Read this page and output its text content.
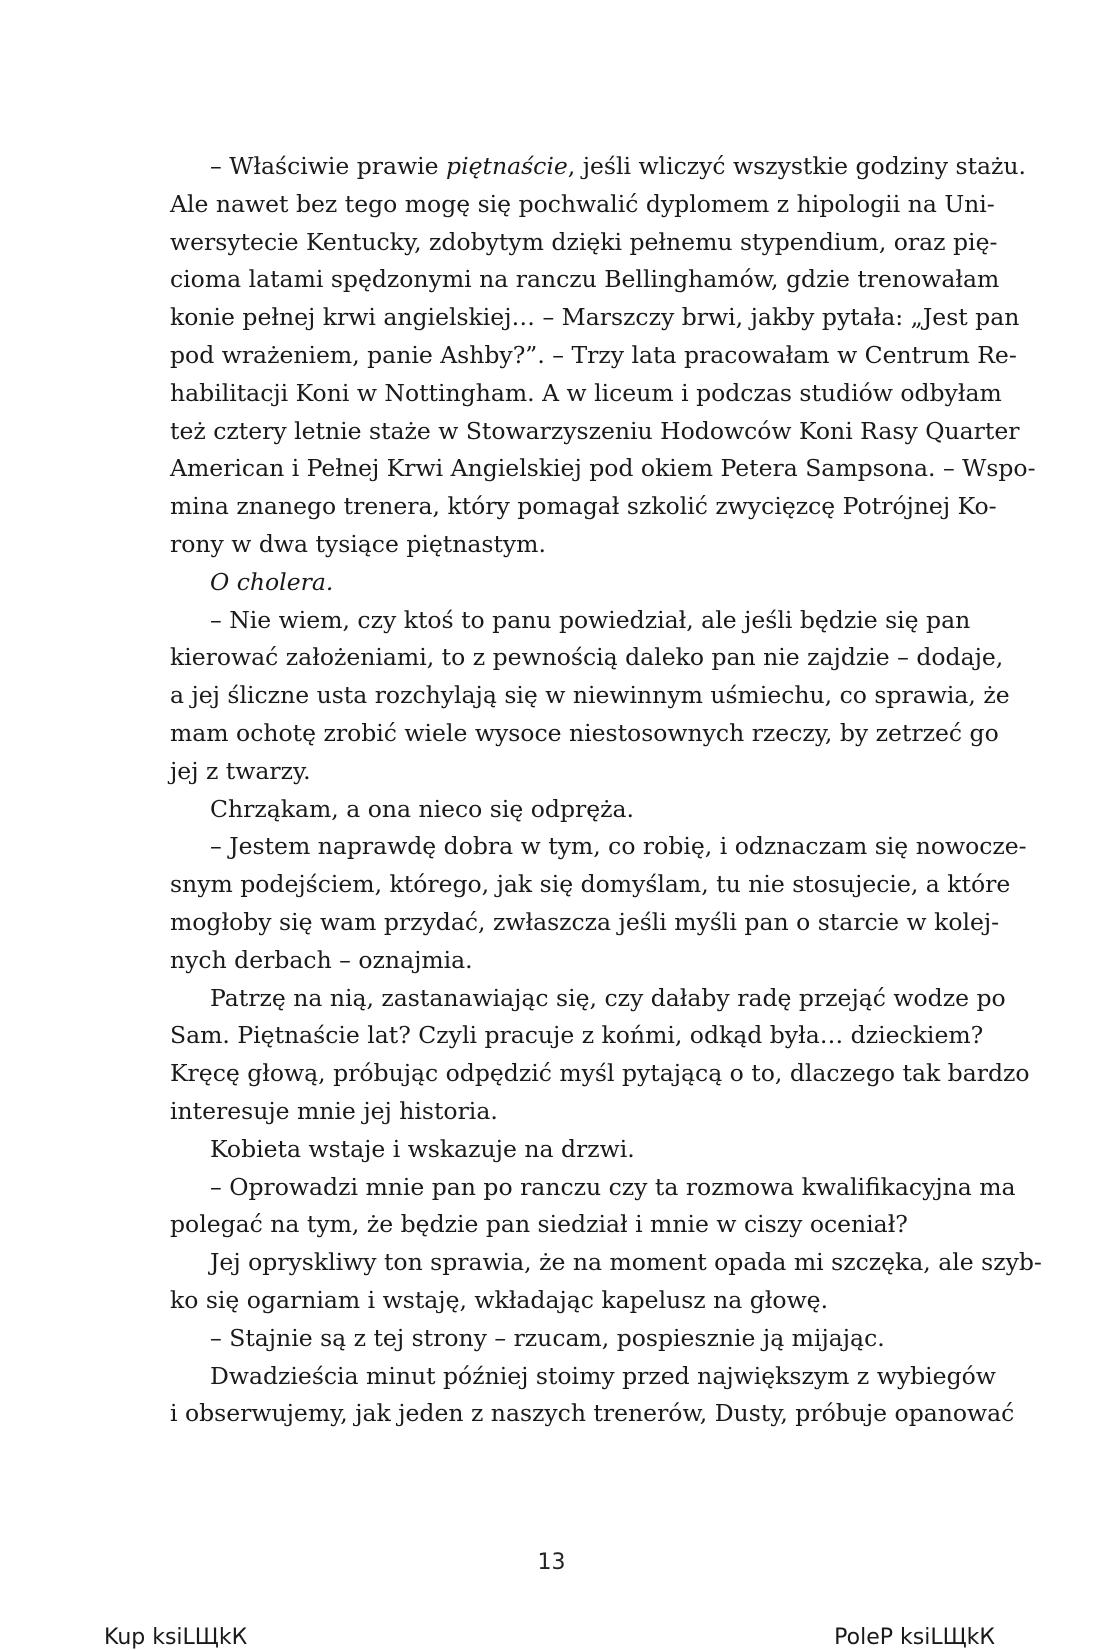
– Właściwie prawie piętnaście, jeśli wliczyć wszystkie godziny stażu.
Ale nawet bez tego mogę się pochwalić dyplomem z hipologii na Uni-
wersytecie Kentucky, zdobytym dzięki pełnemu stypendium, oraz pię-
cioma latami spędzonymi na ranczu Bellinghamów, gdzie trenowałam
konie pełnej krwi angielskiej… – Marszczy brwi, jakby pytała: „Jest pan
pod wrażeniem, panie Ashby?”. – Trzy lata pracowałam w Centrum Re-
habilitacji Koni w Nottingham. A w liceum i podczas studiów odbyłam
też cztery letnie staże w Stowarzyszeniu Hodowców Koni Rasy Quarter
American i Pełnej Krwi Angielskiej pod okiem Petera Sampsona. – Wspo-
mina znanego trenera, który pomagał szkolić zwycięzcę Potrójnej Ko-
rony w dwa tysiące piętnastym.
O cholera.
– Nie wiem, czy ktoś to panu powiedział, ale jeśli będzie się pan
kierować założeniami, to z pewnością daleko pan nie zajdzie – dodaje,
a jej śliczne usta rozchylają się w niewinnym uśmiechu, co sprawia, że
mam ochotę zrobić wiele wysoce niestosownych rzeczy, by zetrzeć go
jej z twarzy.
Chrząkam, a ona nieco się odpręża.
– Jestem naprawdę dobra w tym, co robię, i odznaczam się nowocze-
snym podejściem, którego, jak się domyślam, tu nie stosujecie, a które
mogłoby się wam przydać, zwłaszcza jeśli myśli pan o starcie w kolej-
nych derbach – oznajmia.
Patrzę na nią, zastanawiając się, czy dałaby radę przejąć wodze po
Sam. Piętnaście lat? Czyli pracuje z końmi, odkąd była… dzieckiem?
Kręcę głową, próbując odpędzić myśl pytającą o to, dlaczego tak bardzo
interesuje mnie jej historia.
Kobieta wstaje i wskazuje na drzwi.
– Oprowadzi mnie pan po ranczu czy ta rozmowa kwalifikacyjna ma
polegać na tym, że będzie pan siedział i mnie w ciszy oceniał?
Jej opryskliwy ton sprawia, że na moment opada mi szczęka, ale szyb-
ko się ogarniam i wstaję, wkładając kapelusz na głowę.
– Stajnie są z tej strony – rzucam, pospiesznie ją mijając.
Dwadzieścia minut później stoimy przed największym z wybiegów
i obserwujemy, jak jeden z naszych trenerów, Dusty, próbuje opanować
13
Kup ksiLЩkК	PoleP ksiLЩkК
